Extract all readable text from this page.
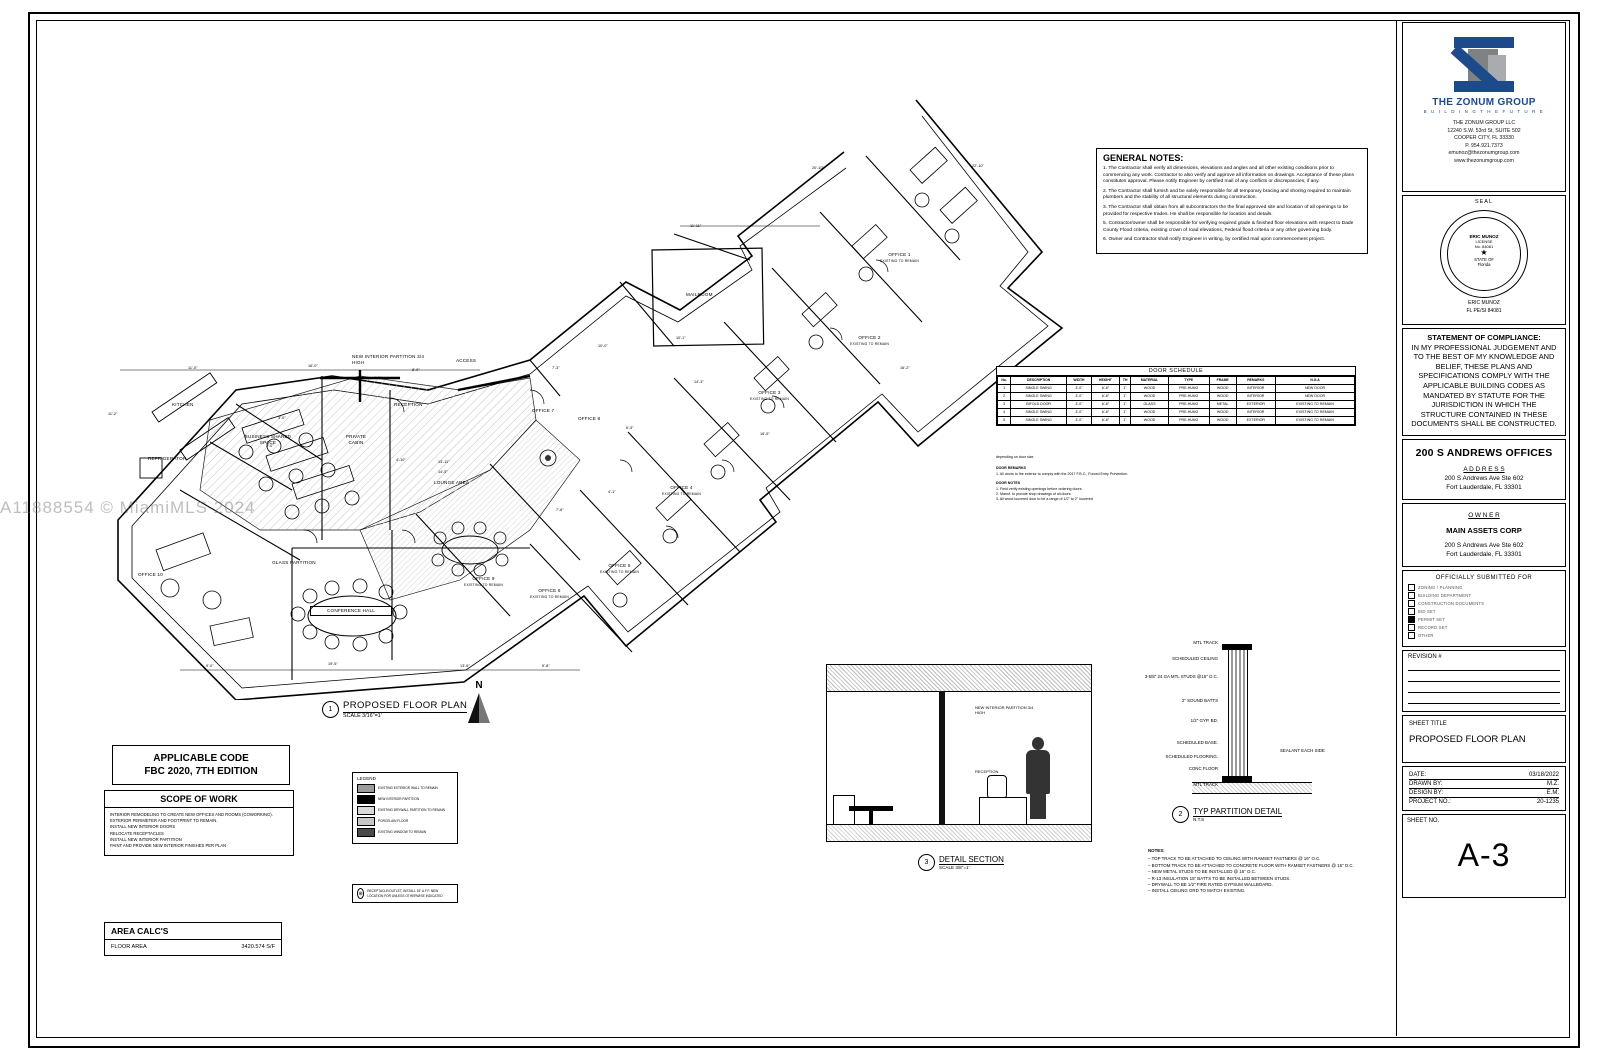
OFFICE 1
EXISTING TO REMAIN
OFFICE 2
EXISTING TO REMAIN
OFFICE 3
EXISTING TO REMAIN
OFFICE 4
EXISTING TO REMAIN
OFFICE 5
EXISTING TO REMAIN
OFFICE 6
EXISTING TO REMAIN
OFFICE 7
OFFICE 8
OFFICE 9
EXISTING TO REMAIN
OFFICE 10
MAILROOM
KITCHEN
REFRIGERATOR
BUSINESS SHARED SPACE
PRIVATE CABIN
RECEPTION
ACCESS
LOUNGE AREA
CONFERENCE HALL
GLASS PARTITION
NEW INTERIOR PARTITION 3/4 HIGH
11'-11"
11'-0"	16'-0"
8'-0"	7'-3"
10'-1"
10'-0"
20'-10"	22'-10"
14'-3"
16'-5"
16'-2"
13'-11"
4'-10"
7'-6"
9'-0"	19'-5"	13'-6"	5'-8"
2'-0"
6'-5"
4'-1"
3'-0"
14'-5"
11'-2"
8'-5"
1	PROPOSED FLOOR PLAN
SCALE 3/16"=1'
N
GENERAL NOTES:

1. The Contractor shall verify all dimensions, elevations and angles and all other existing conditions prior to commencing any work. Contractor to also verify and approve all information on drawings. Acceptance of these plans constitutes approval. Please notify Engineer by certified mail of any conflicts or discrepancies, if any.

2. The Contractor shall furnish and be solely responsible for all temporary bracing and shoring required to maintain plumbers and the stability of all structural elements during construction.

3. The Contractor shall obtain from all subcontractors the the final approved site and location of all openings to be provided for respective trades. He shall be responsible for location and details.

5. Contractor/owner shall be responsible for verifying required grade & finished floor elevations with respect to Dade County Flood criteria, existing crown of road elevations, Federal flood criteria or any other governing body.

6. Owner and Contractor shall notify Engineer in writing, by certified mail upon commencement project.

DOOR SCHEDULE
No.	DESCRIPTION	WIDTH	HEIGHT	TH	MATERIAL	TYPE	FRAME	REMARKS	N.G.A
1	SINGLE SWING	3'-0"	6'-8"	1"	WOOD	PRE-HUNG	WOOD	INTERIOR	NEW DOOR
2	SINGLE SWING	3'-0"	6'-8"	1"	WOOD	PRE-HUNG	WOOD	INTERIOR	NEW DOOR
3	BIFOLD DOOR	3'-0"	6'-8"	1"	GLASS	PRE-HUNG	METAL	EXTERIOR	EXISTING TO REMAIN
4	SINGLE SWING	3'-0"	6'-8"	1"	WOOD	PRE-HUNG	WOOD	INTERIOR	EXISTING TO REMAIN
5	SINGLE SWING	3'-0"	6'-8"	1"	WOOD	PRE-HUNG	WOOD	EXTERIOR	EXISTING TO REMAIN
depending on door size.
DOOR REMARKS
1. All doors to the exterior to comply with the 2017 F.B.C., Forced Entry Prevention.
DOOR NOTES
1. Field verify existing openings before ordering doors.
2. Manuf. to provide shop drawings of all doors.
3. All wood louvered door to be a range of 1/2" to 2" louvered
APPLICABLE CODE
FBC 2020, 7TH EDITION
SCOPE OF WORK
INTERIOR REMODELING TO CREATE NEW OFFICES AND ROOMS (COWORKING).
EXTERIOR PERIMETER AND FOOTPRINT TO REMAIN.
INSTALL NEW INTERIOR DOORS
RELOCATE RECEPTACLES
INSTALL NEW INTERIOR PARTITION
PAINT AND PROVIDE NEW INTERIOR FINISHES PER PLAN
AREA CALC'S
FLOOR AREA	3420.574 S/F
LEGEND
EXISTING EXTERIOR WALL TO REMAIN
NEW INTERIOR PARTITION
EXISTING DRYWALL PARTITION TO REMAIN
PORCELAIN FLOOR
EXISTING WINDOW TO REMAIN
⊕	RECEPTACLE/OUTLET, INSTALL 18" A.F.F. NEW LOCATION FOR UNLESS OTHERWISE INDICATED
NEW INTERIOR PARTITION 3/4 HIGH
RECEPTION
3	DETAIL SECTION
SCALE 3/8"=1'
MTL TRACK
SCHEDULED CEILING
3-5/8" 24 GA MTL STUDS @16" O.C.
2" SOUND BATTS
1/2" GYP. BD.
SCHEDULED BASE.
SCHEDULED FLOORING.
CONC FLOOR
MTL TRACK
SEALANT EACH SIDE
2 TYP PARTITION DETAIL
N.T.S
NOTES:
– TOP TRACK TO BE ATTACHED TO CEILING WITH RAMSET FASTNERS @ 16" O.C.
– BOTTOM TRACK TO BE ATTACHED TO CONCRETE FLOOR WITH RAMSET FASTNERS @ 16" O.C.
– NEW METAL STUDS TO BE INSTALLED @ 16" O.C.
– R-13 INSULATION 15" BATTS TO BE INSTALLED BETWEEN STUDS.
– DRYWALL TO BE 1/2" FIRE RATED GYPSUM WALLBOARD.
– INSTALL CEILING GRD TO MATCH EXISTING.
THE ZONUM GROUP
B U I L D I N G T H E F U T U R E
THE ZONUM GROUP LLC
12240 S.W. 53rd St, SUITE 502
COOPER CITY, FL 33330
P. 954.921.7373
emunoz@thezonumgroup.com
www.thezonumgroup.com
SEAL
ERIC MUNOZ
LICENSE
No. 84081
★
STATE OF
Florida
ERIC MUNOZ
FL PE/SI 84081
STATEMENT OF COMPLIANCE:
IN MY PROFESSIONAL JUDGEMENT AND TO THE BEST OF MY KNOWLEDGE AND BELIEF, THESE PLANS AND SPECIFICATIONS COMPLY WITH THE APPLICABLE BUILDING CODES AS MANDATED BY STATUTE FOR THE JURISDICTION IN WHICH THE STRUCTURE CONTAINED IN THESE DOCUMENTS SHALL BE CONSTRUCTED.
200 S ANDREWS OFFICES
A D D R E S S
200 S Andrews Ave Ste 602
Fort Lauderdale, FL 33301
O W N E R
MAIN ASSETS CORP
200 S Andrews Ave Ste 602
Fort Lauderdale, FL 33301
OFFICIALLY SUBMITTED FOR
ZONING / PLANNING
BUILDING DEPARTMENT
CONSTRUCTION DOCUMENTS
BID SET
PERMIT SET
RECORD SET
OTHER
REVISION #
SHEET TITLE
PROPOSED FLOOR PLAN
DATE:	03/18/2022
DRAWN BY:	M.Z.
DESIGN BY:	E.M.
PROJECT NO.:	20-1235
SHEET NO.
A-3
A11888554 © MiamiMLS 2024
